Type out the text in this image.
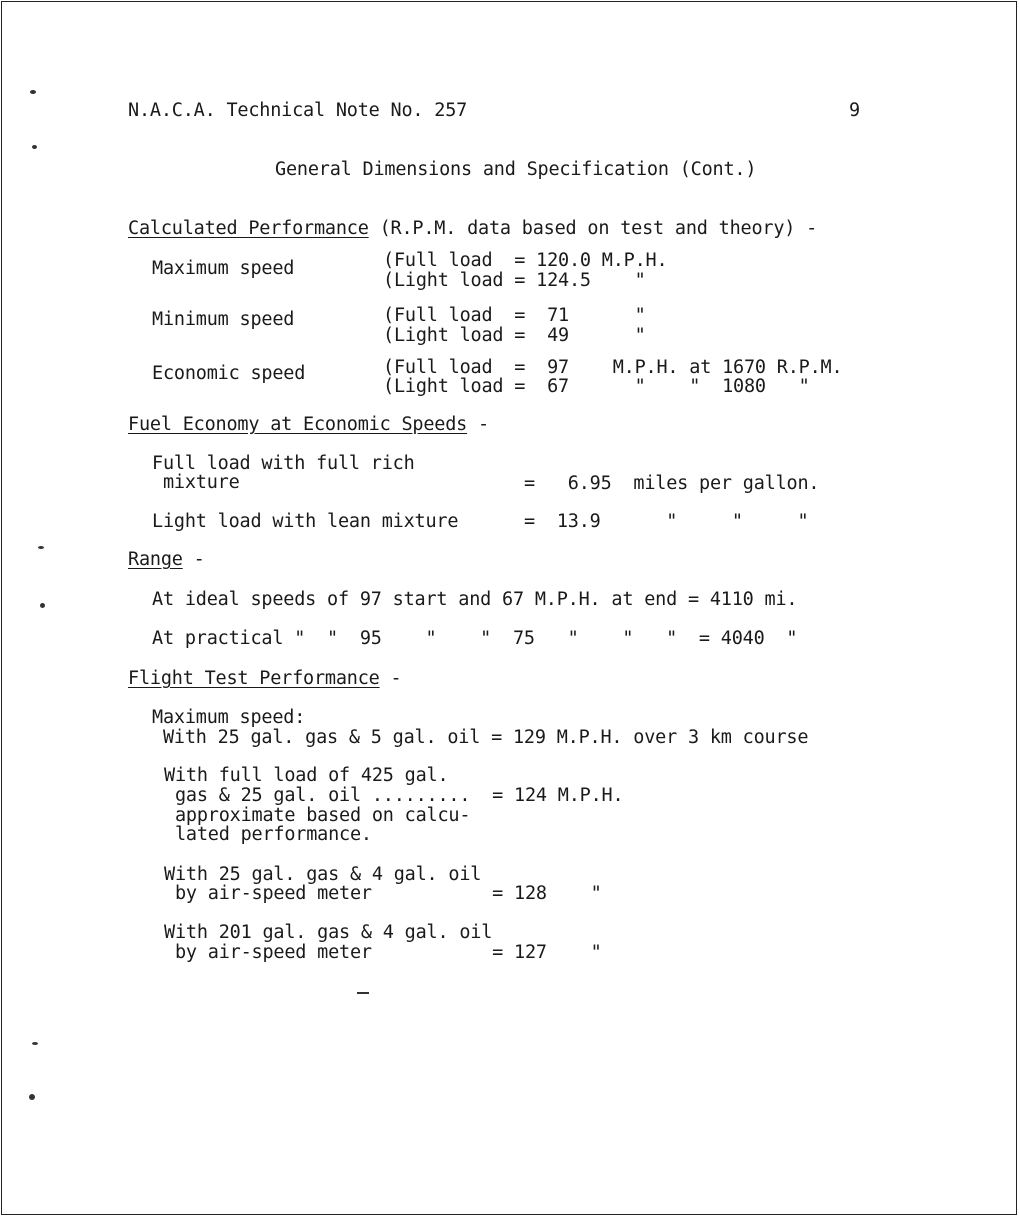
N.A.C.A. Technical Note No. 257	9
General Dimensions and Specification (Cont.)
Calculated Performance (R.P.M. data based on test and theory) -
Maximum speed	(Full load  = 120.0 M.P.H.
(Light load = 124.5    "
Minimum speed	(Full load  =  71      "
(Light load =  49      "
Economic speed	(Full load  =  97    M.P.H. at 1670 R.P.M.
(Light load =  67      "    "  1080   "
Fuel Economy at Economic Speeds -
Full load with full rich
mixture	=   6.95  miles per gallon.
Light load with lean mixture	=  13.9      "     "     "
Range -
At ideal speeds of 97 start and 67 M.P.H. at end = 4110 mi.
At practical "  "  95    "    "  75   "    "   "  = 4040  "
Flight Test Performance -
Maximum speed:
With 25 gal. gas & 5 gal. oil = 129 M.P.H. over 3 km course
With full load of 425 gal.
gas & 25 gal. oil .........  = 124 M.P.H.
approximate based on calcu-
lated performance.
With 25 gal. gas & 4 gal. oil
by air-speed meter           = 128    "
With 201 gal. gas & 4 gal. oil
by air-speed meter           = 127    "
